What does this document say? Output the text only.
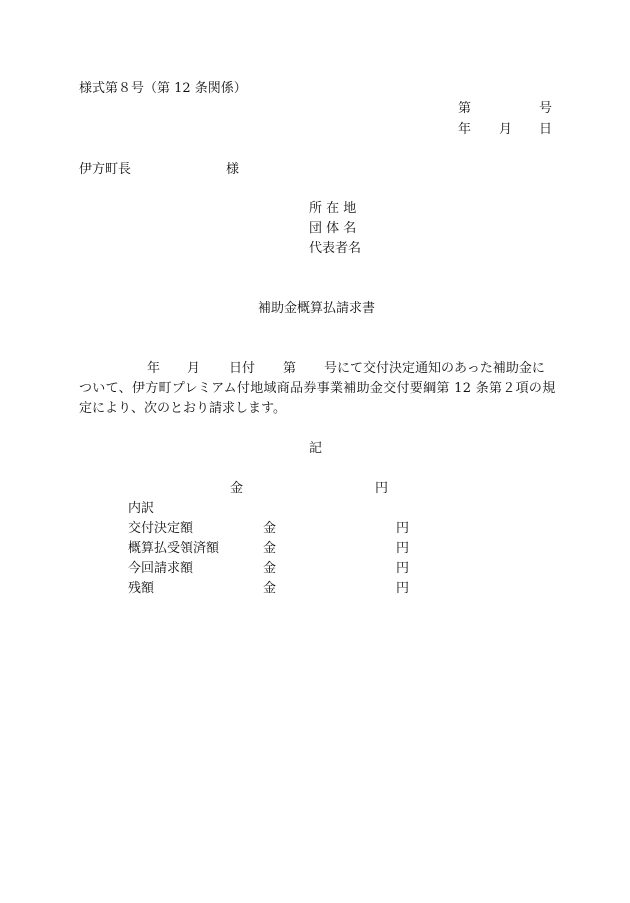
様式第８号（第 12 条関係）
第	号
年 月 日
伊方町長	様
所 在 地
団 体 名
代表者名
補助金概算払請求書
年 月 日付 第 号にて交付決定通知のあった補助金に
ついて、伊方町プレミアム付地域商品券事業補助金交付要綱第 12 条第２項の規
定により、次のとおり請求します。
記
金	円
内訳
交付決定額	金	円
概算払受領済額	金	円
今回請求額	金	円
残額	金	円
